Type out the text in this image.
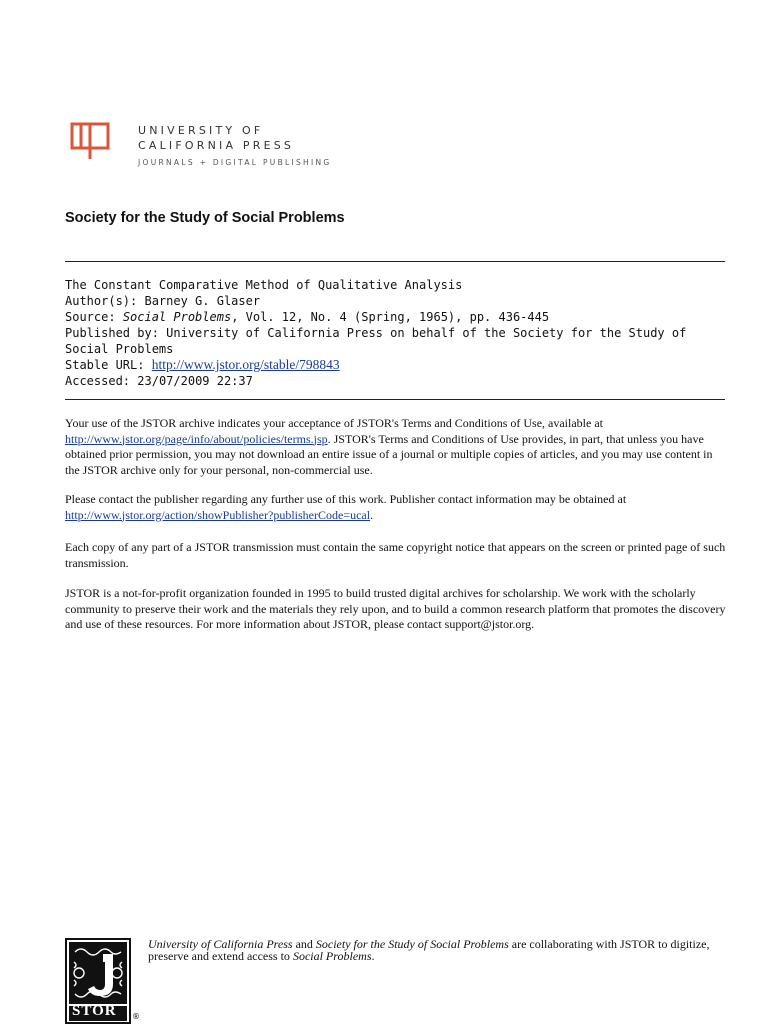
UNIVERSITY OF
CALIFORNIA PRESS
JOURNALS + DIGITAL PUBLISHING
Society for the Study of Social Problems
The Constant Comparative Method of Qualitative Analysis
Author(s): Barney G. Glaser
Source: Social Problems, Vol. 12, No. 4 (Spring, 1965), pp. 436-445
Published by: University of California Press on behalf of the Society for the Study of Social Problems
Stable URL: http://www.jstor.org/stable/798843
Accessed: 23/07/2009 22:37
Your use of the JSTOR archive indicates your acceptance of JSTOR's Terms and Conditions of Use, available at http://www.jstor.org/page/info/about/policies/terms.jsp. JSTOR's Terms and Conditions of Use provides, in part, that unless you have obtained prior permission, you may not download an entire issue of a journal or multiple copies of articles, and you may use content in the JSTOR archive only for your personal, non-commercial use.
Please contact the publisher regarding any further use of this work. Publisher contact information may be obtained at http://www.jstor.org/action/showPublisher?publisherCode=ucal.
Each copy of any part of a JSTOR transmission must contain the same copyright notice that appears on the screen or printed page of such transmission.
JSTOR is a not-for-profit organization founded in 1995 to build trusted digital archives for scholarship. We work with the scholarly community to preserve their work and the materials they rely upon, and to build a common research platform that promotes the discovery and use of these resources. For more information about JSTOR, please contact support@jstor.org.
STOR	®
University of California Press and Society for the Study of Social Problems are collaborating with JSTOR to digitize, preserve and extend access to Social Problems.
